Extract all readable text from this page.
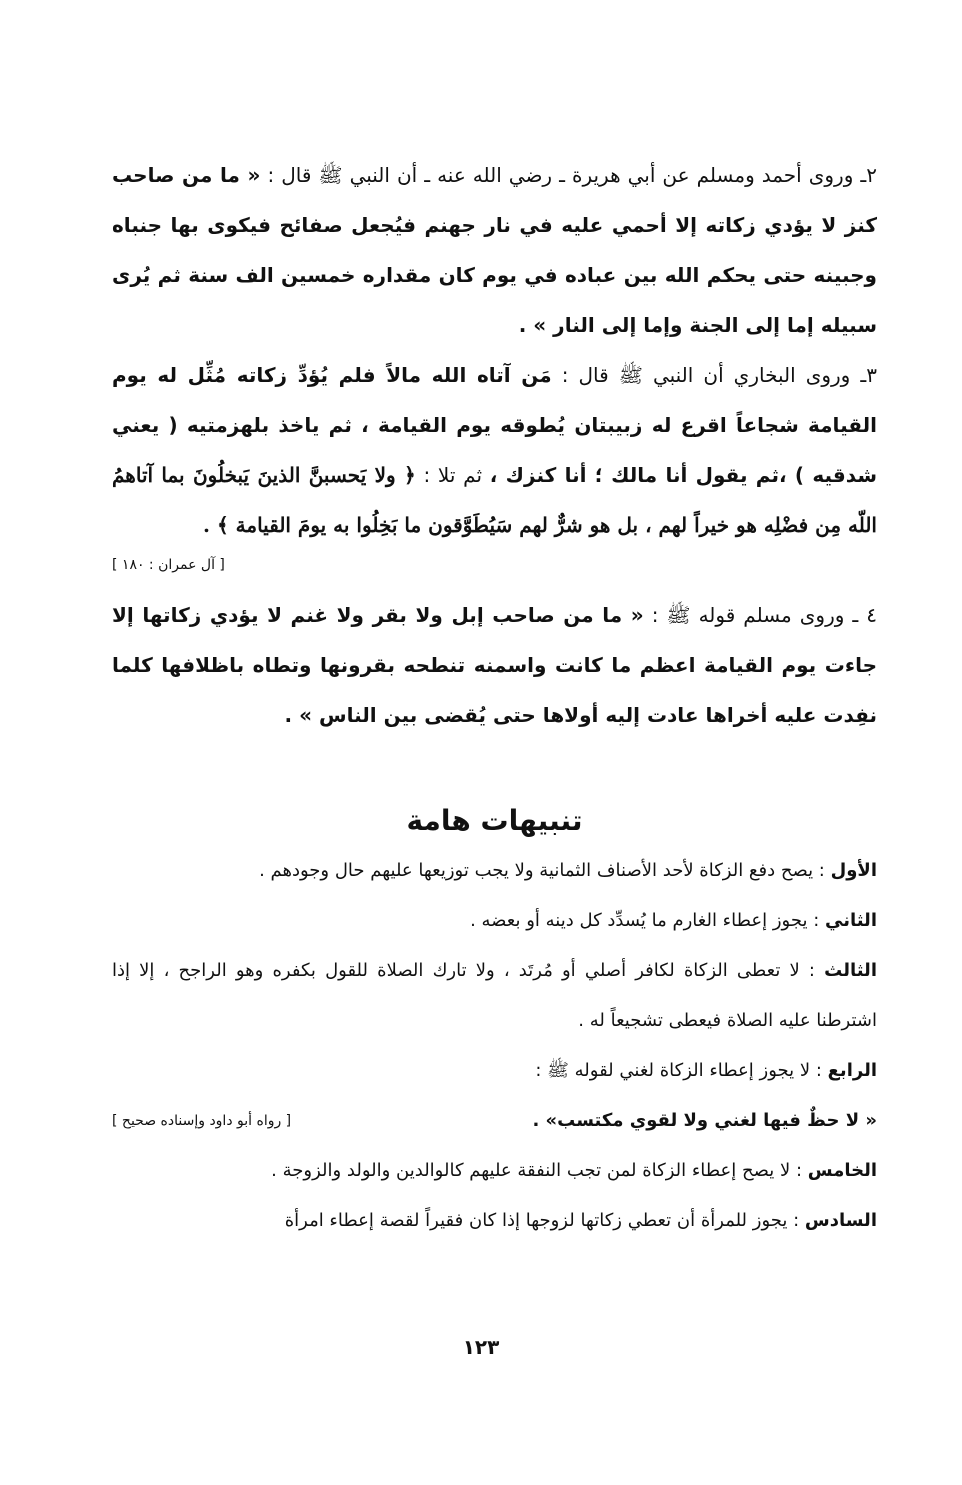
٢ـ وروى أحمد ومسلم عن أبي هريرة ـ رضي الله عنه ـ أن النبي ﷺ قال : « ما من صاحب كنز لا يؤدي زكاته إلا أحمي عليه في نار جهنم فيُجعل صفائح فيكوى بها جنباه وجبينه حتى يحكم الله بين عباده في يوم كان مقداره خمسين الف سنة ثم يُرى سبيله إما إلى الجنة وإما إلى النار » .
٣ـ وروى البخاري أن النبي ﷺ قال : مَن آتاه الله مالاً فلم يُؤدِّ زكاته مُثِّل له يوم القيامة شجاعاً اقرع له زبيبتان يُطوقه يوم القيامة ، ثم ياخذ بلهزمتيه ( يعني شدقيه ) ،ثم يقول أنا مالك ؛ أنا كنزك ، ثم تلا : ﴿ ولا يَحسبنَّ الذينَ يَبخلُونَ بما آتاهمُ اللّه مِن فضْلِه هو خيراً لهم ، بل هو شرٌّ لهم سَيُطَوَّقون ما بَخِلُوا به يومَ القيامة ﴾ .
[ آل عمران : ١٨٠ ]
٤ ـ وروى مسلم قوله ﷺ : « ما من صاحب إبل ولا بقر ولا غنم لا يؤدي زكاتها إلا جاءت يوم القيامة اعظم ما كانت واسمنه تنطحه بقرونها وتطاه باظلافها كلما نفِدت عليه أخراها عادت إليه أولاها حتى يُقضى بين الناس » .
تنبيهات هامة
الأول : يصح دفع الزكاة لأحد الأصناف الثمانية ولا يجب توزيعها عليهم حال وجودهم .
الثاني : يجوز إعطاء الغارم ما يُسدِّد كل دينه أو بعضه .
الثالث : لا تعطى الزكاة لكافر أصلي أو مُرتَد ، ولا تارك الصلاة للقول بكفره وهو الراجح ، إلا إذا اشترطنا عليه الصلاة فيعطى تشجيعاً له .
الرابع : لا يجوز إعطاء الزكاة لغني لقوله ﷺ :
« لا حظٌ فيها لغني ولا لقوي مكتسب» .
[ رواه أبو داود وإسناده صحيح ]
الخامس : لا يصح إعطاء الزكاة لمن تجب النفقة عليهم كالوالدين والولد والزوجة .
السادس : يجوز للمرأة أن تعطي زكاتها لزوجها إذا كان فقيراً لقصة إعطاء امرأة
١٢٣
